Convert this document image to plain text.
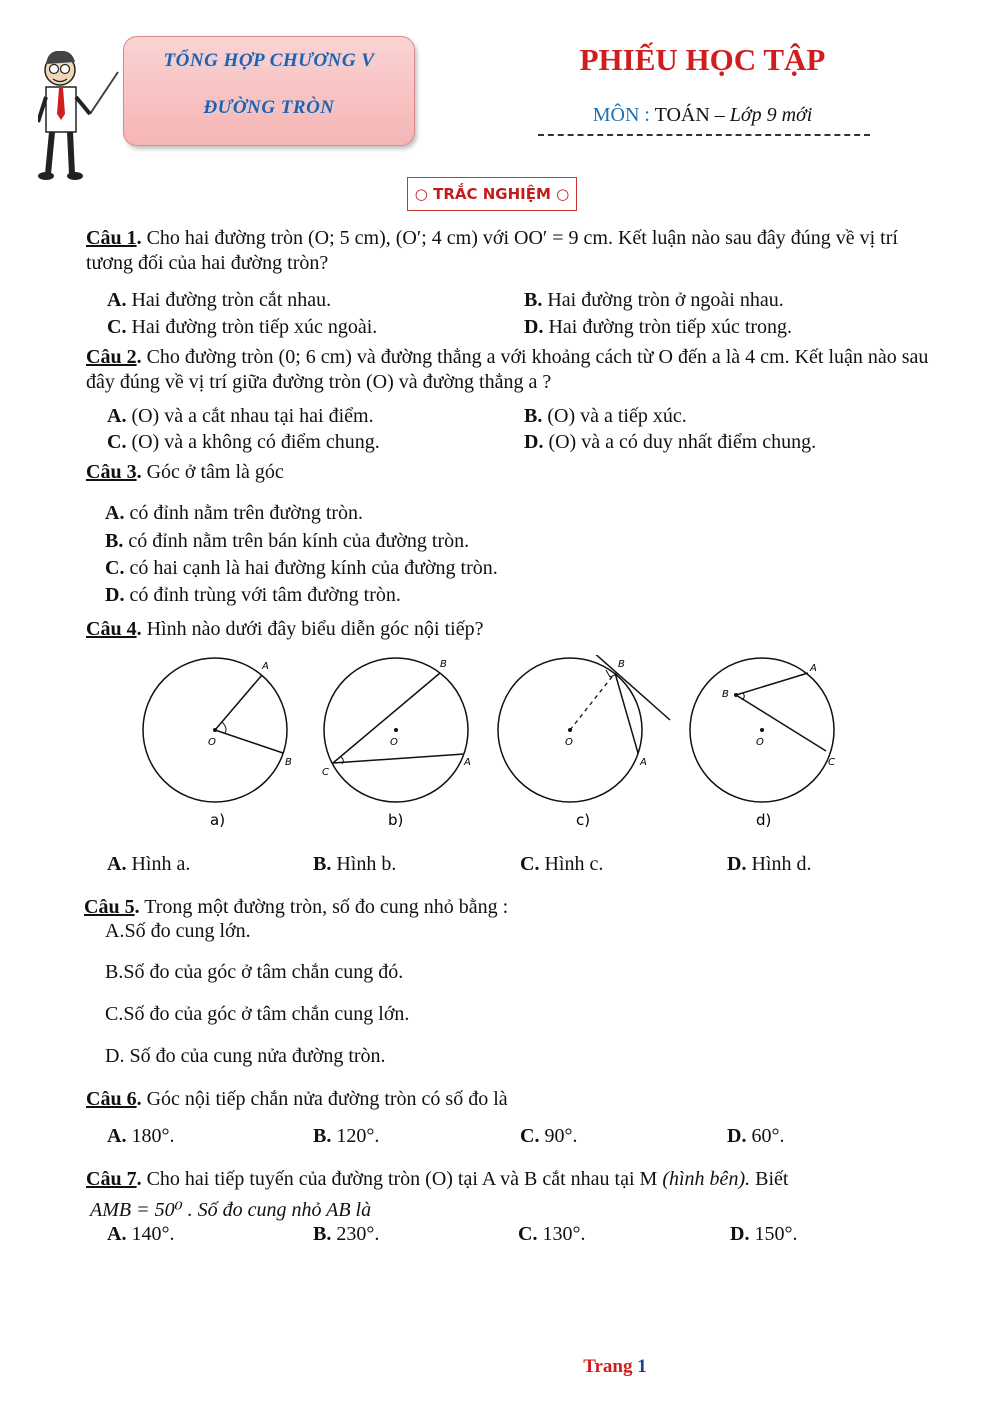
TỔNG HỢP CHƯƠNG V
ĐƯỜNG TRÒN
PHIẾU HỌC TẬP
MÔN : TOÁN – Lớp 9 mới
○ TRẮC NGHIỆM ○
Câu 1. Cho hai đường tròn (O; 5 cm), (O′; 4 cm) với OO′ = 9 cm. Kết luận nào sau đây đúng về vị trí tương đối của hai đường tròn?
A. Hai đường tròn cắt nhau.	B. Hai đường tròn ở ngoài nhau.
C. Hai đường tròn tiếp xúc ngoài.	D. Hai đường tròn tiếp xúc trong.
Câu 2. Cho đường tròn (0; 6 cm) và đường thẳng a với khoảng cách từ O đến a là 4 cm. Kết luận nào sau đây đúng về vị trí giữa đường tròn (O) và đường thẳng a ?
A. (O) và a cắt nhau tại hai điểm.	B. (O) và a tiếp xúc.
C. (O) và a không có điểm chung.	D. (O) và a có duy nhất điểm chung.
Câu 3. Góc ở tâm là góc
A. có đỉnh nằm trên đường tròn.
B. có đỉnh nằm trên bán kính của đường tròn.
C. có hai cạnh là hai đường kính của đường tròn.
D. có đỉnh trùng với tâm đường tròn.
Câu 4. Hình nào dưới đây biểu diễn góc nội tiếp?
A
B
O
a)
B
C
A
O
b)
B
A
O
c)
A
B
C
O
d)
A. Hình a.	B. Hình b.	C. Hình c.	D. Hình d.
Câu 5. Trong một đường tròn, số đo cung nhỏ bằng :
A.Số đo cung lớn.
B.Số đo của góc ở tâm chắn cung đó.
C.Số đo của góc ở tâm chắn cung lớn.
D. Số đo của cung nửa đường tròn.
Câu 6. Góc nội tiếp chắn nửa đường tròn có số đo là
A. 180°.	B. 120°.	C. 90°.	D. 60°.
Câu 7. Cho hai tiếp tuyến của đường tròn (O) tại A và B cắt nhau tại M (hình bên). Biết
AMB = 50⁰ . Số đo cung nhỏ AB là
A. 140°.	B. 230°.	C. 130°.	D. 150°.
Trang 1
